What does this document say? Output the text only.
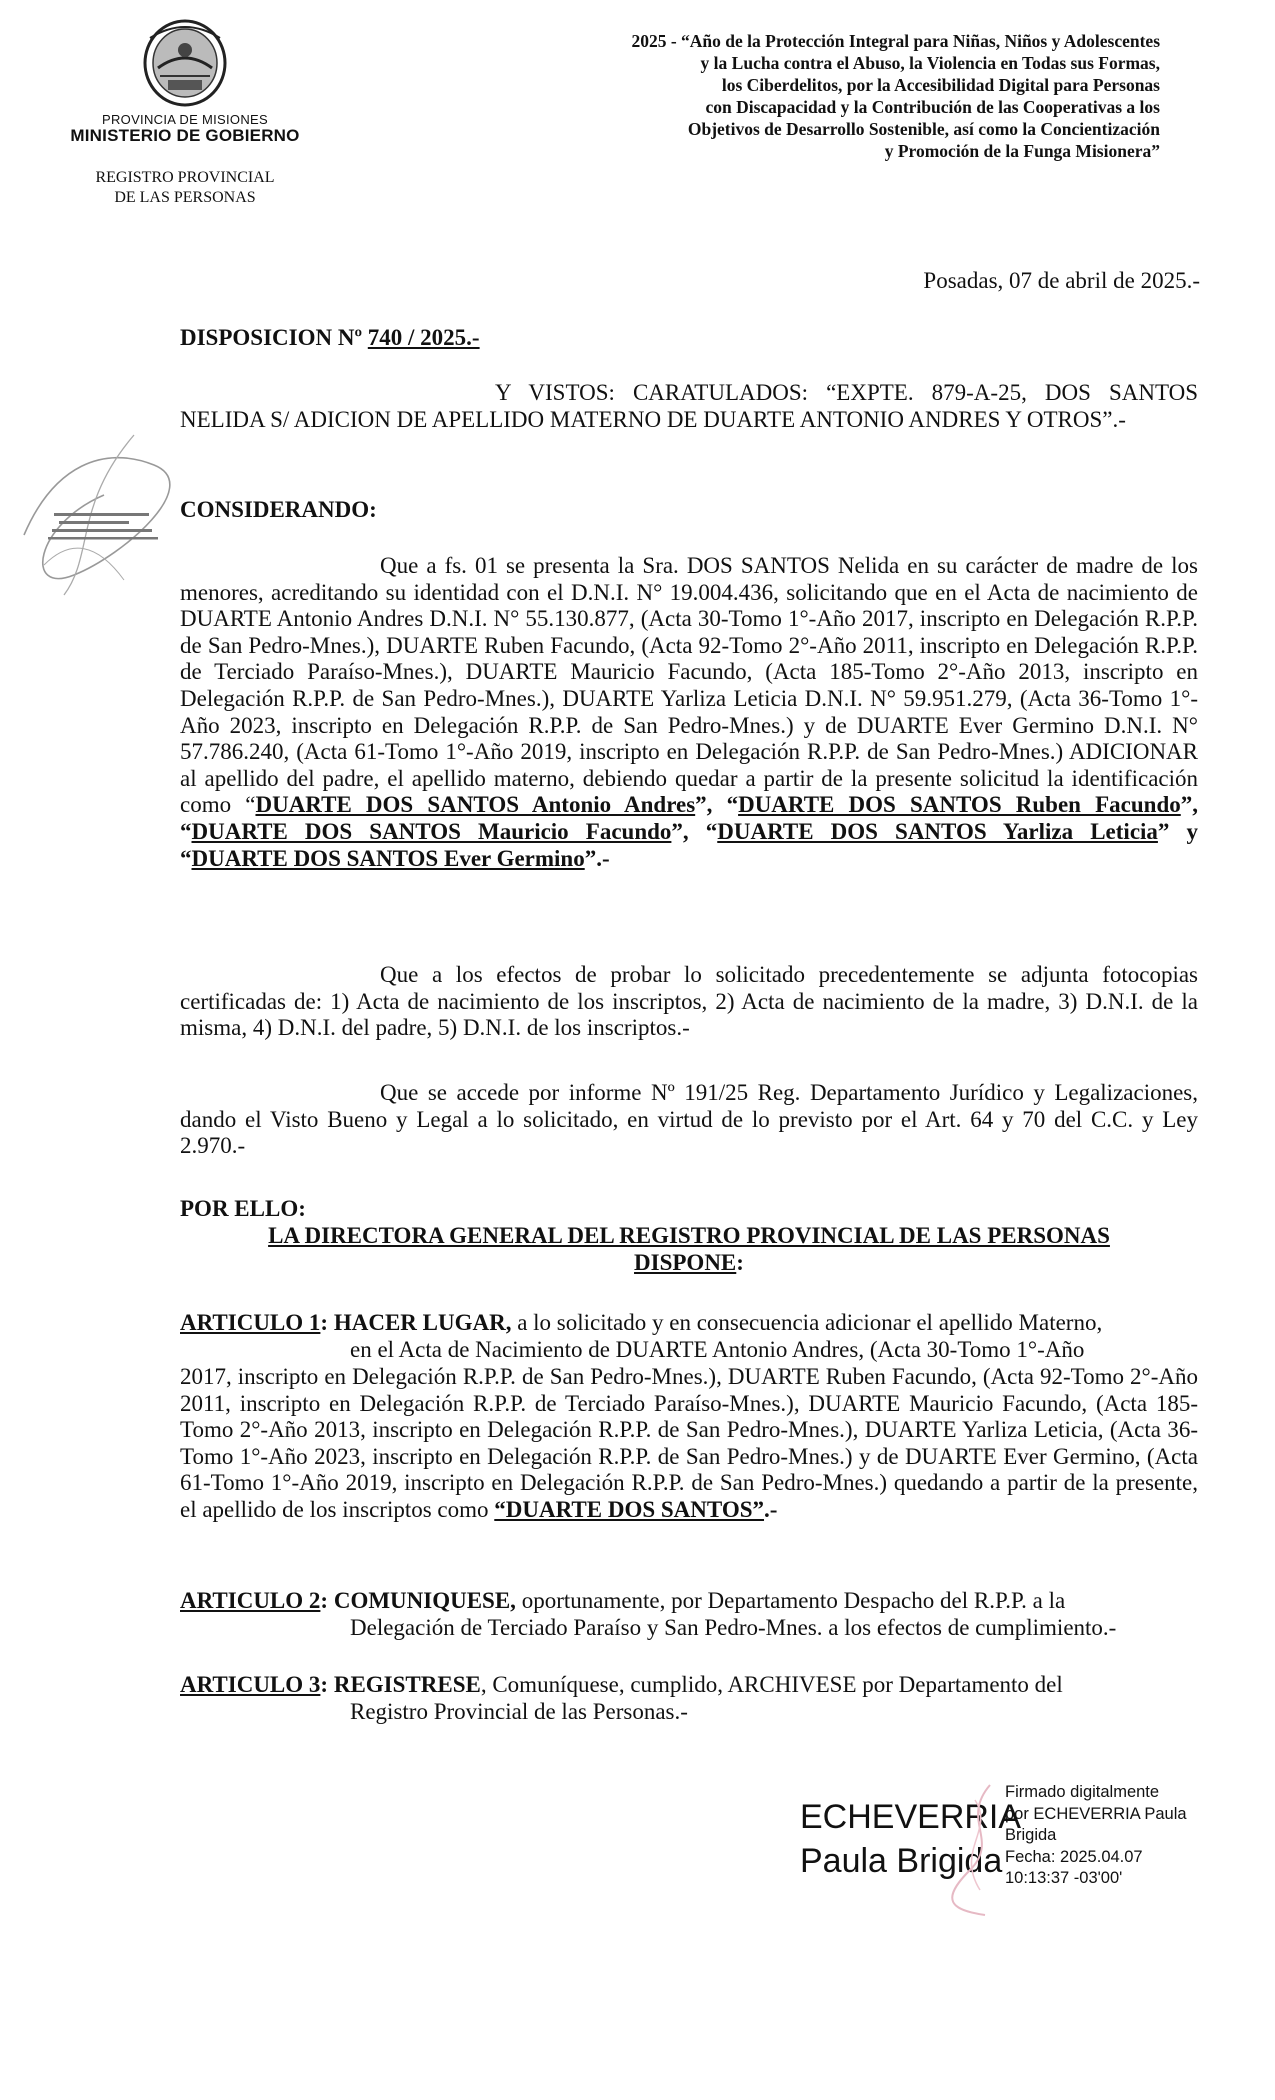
PROVINCIA DE MISIONES
MINISTERIO DE GOBIERNO
REGISTRO PROVINCIAL
DE LAS PERSONAS
2025 - “Año de la Protección Integral para Niñas, Niños y Adolescentes
y la Lucha contra el Abuso, la Violencia en Todas sus Formas,
los Ciberdelitos, por la Accesibilidad Digital para Personas
con Discapacidad y la Contribución de las Cooperativas a los
Objetivos de Desarrollo Sostenible, así como la Concientización
y Promoción de la Funga Misionera”
Posadas, 07 de abril de 2025.-
DISPOSICION Nº 740 / 2025.-
Y VISTOS: CARATULADOS: “EXPTE. 879-A-25, DOS SANTOS NELIDA S/ ADICION DE APELLIDO MATERNO DE DUARTE ANTONIO ANDRES Y OTROS”.-
CONSIDERANDO:
Que a fs. 01 se presenta la Sra. DOS SANTOS Nelida en su carácter de madre de los menores, acreditando su identidad con el D.N.I. N° 19.004.436, solicitando que en el Acta de nacimiento de DUARTE Antonio Andres D.N.I. N° 55.130.877, (Acta 30-Tomo 1°-Año 2017, inscripto en Delegación R.P.P. de San Pedro-Mnes.), DUARTE Ruben Facundo, (Acta 92-Tomo 2°-Año 2011, inscripto en Delegación R.P.P. de Terciado Paraíso-Mnes.), DUARTE Mauricio Facundo, (Acta 185-Tomo 2°-Año 2013, inscripto en Delegación R.P.P. de San Pedro-Mnes.), DUARTE Yarliza Leticia D.N.I. N° 59.951.279, (Acta 36-Tomo 1°-Año 2023, inscripto en Delegación R.P.P. de San Pedro-Mnes.) y de DUARTE Ever Germino D.N.I. N° 57.786.240, (Acta 61-Tomo 1°-Año 2019, inscripto en Delegación R.P.P. de San Pedro-Mnes.) ADICIONAR al apellido del padre, el apellido materno, debiendo quedar a partir de la presente solicitud la identificación como “DUARTE DOS SANTOS Antonio Andres”, “DUARTE DOS SANTOS Ruben Facundo”, “DUARTE DOS SANTOS Mauricio Facundo”, “DUARTE DOS SANTOS Yarliza Leticia” y “DUARTE DOS SANTOS Ever Germino”.-
Que a los efectos de probar lo solicitado precedentemente se adjunta fotocopias certificadas de: 1) Acta de nacimiento de los inscriptos, 2) Acta de nacimiento de la madre, 3) D.N.I. de la misma, 4) D.N.I. del padre, 5) D.N.I. de los inscriptos.-
Que se accede por informe Nº 191/25 Reg. Departamento Jurídico y Legalizaciones, dando el Visto Bueno y Legal a lo solicitado, en virtud de lo previsto por el Art. 64 y 70 del C.C. y Ley 2.970.-
POR ELLO:
LA DIRECTORA GENERAL DEL REGISTRO PROVINCIAL DE LAS PERSONAS
DISPONE:
ARTICULO 1: HACER LUGAR, a lo solicitado y en consecuencia adicionar el apellido Materno,
en el Acta de Nacimiento de DUARTE Antonio Andres, (Acta 30-Tomo 1°-Año
2017, inscripto en Delegación R.P.P. de San Pedro-Mnes.), DUARTE Ruben Facundo, (Acta 92-Tomo 2°-Año 2011, inscripto en Delegación R.P.P. de Terciado Paraíso-Mnes.), DUARTE Mauricio Facundo, (Acta 185-Tomo 2°-Año 2013, inscripto en Delegación R.P.P. de San Pedro-Mnes.), DUARTE Yarliza Leticia, (Acta 36-Tomo 1°-Año 2023, inscripto en Delegación R.P.P. de San Pedro-Mnes.) y de DUARTE Ever Germino, (Acta 61-Tomo 1°-Año 2019, inscripto en Delegación R.P.P. de San Pedro-Mnes.) quedando a partir de la presente, el apellido de los inscriptos como “DUARTE DOS SANTOS”.-
ARTICULO 2: COMUNIQUESE, oportunamente, por Departamento Despacho del R.P.P. a la
Delegación de Terciado Paraíso y San Pedro-Mnes. a los efectos de cumplimiento.-
ARTICULO 3: REGISTRESE, Comuníquese, cumplido, ARCHIVESE por Departamento del
Registro Provincial de las Personas.-
ECHEVERRIA
Paula Brigida
Firmado digitalmente
por ECHEVERRIA Paula
Brigida
Fecha: 2025.04.07
10:13:37 -03'00'
